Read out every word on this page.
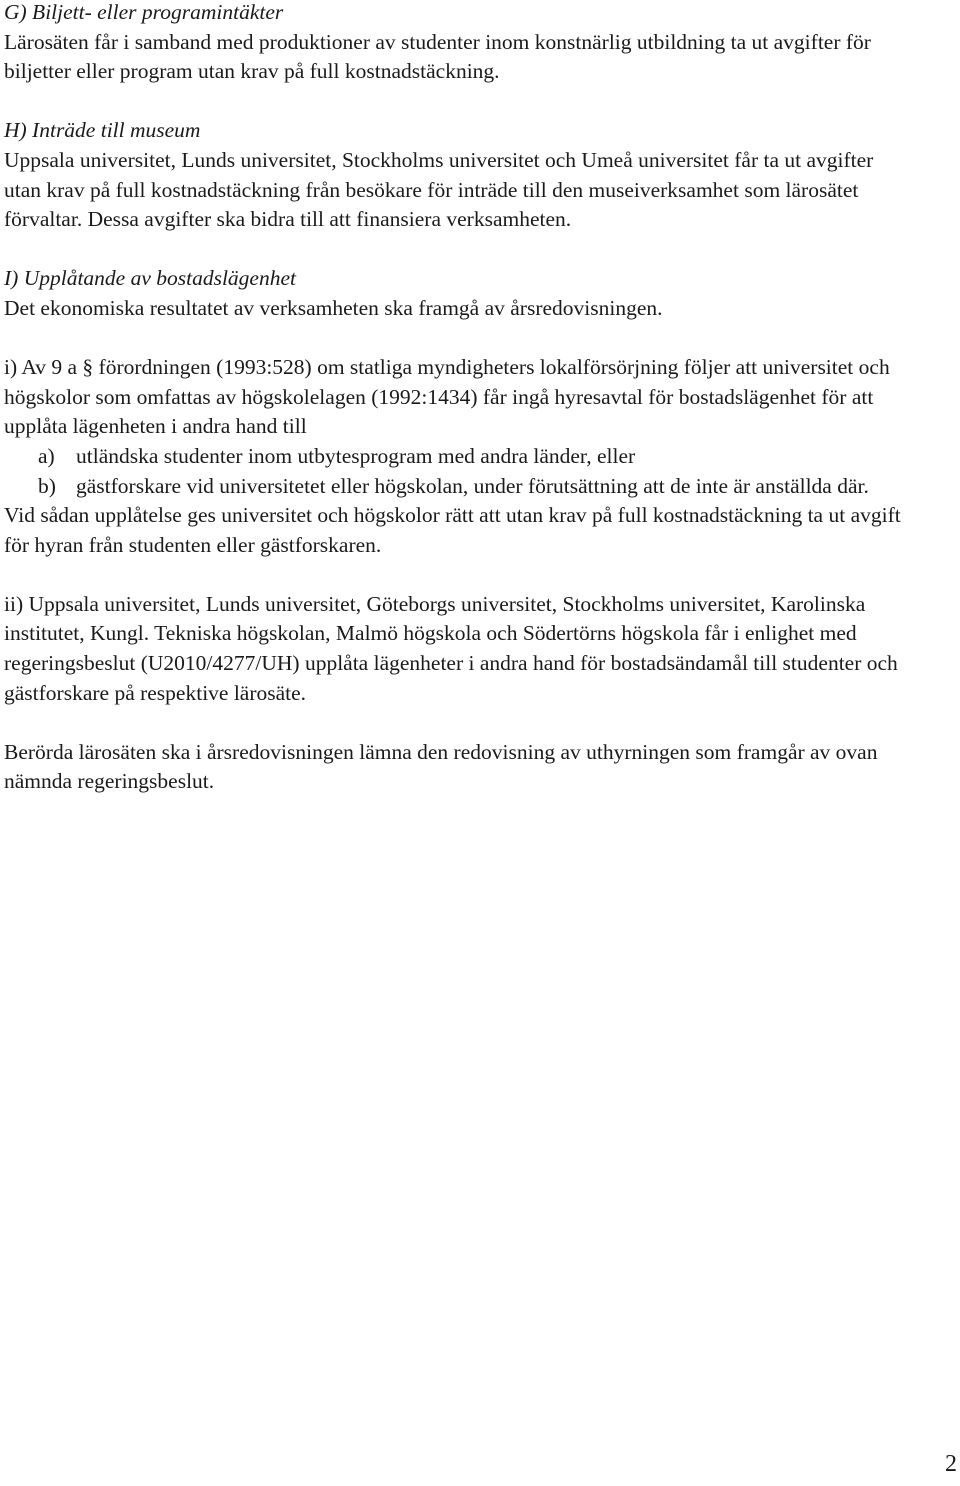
G) Biljett- eller programintäkter

Lärosäten får i samband med produktioner av studenter inom konstnärlig utbildning ta ut avgifter för biljetter eller program utan krav på full kostnadstäckning.

H) Inträde till museum

Uppsala universitet, Lunds universitet, Stockholms universitet och Umeå universitet får ta ut avgifter utan krav på full kostnadstäckning från besökare för inträde till den museiverksamhet som lärosätet förvaltar. Dessa avgifter ska bidra till att finansiera verksamheten.

I) Upplåtande av bostadslägenhet

Det ekonomiska resultatet av verksamheten ska framgå av årsredovisningen.

i) Av 9 a § förordningen (1993:528) om statliga myndigheters lokalförsörjning följer att universitet och högskolor som omfattas av högskolelagen (1992:1434) får ingå hyresavtal för bostadslägenhet för att upplåta lägenheten i andra hand till

a) utländska studenter inom utbytesprogram med andra länder, eller
b) gästforskare vid universitetet eller högskolan, under förutsättning att de inte är anställda där.

Vid sådan upplåtelse ges universitet och högskolor rätt att utan krav på full kostnadstäckning ta ut avgift för hyran från studenten eller gästforskaren.

ii) Uppsala universitet, Lunds universitet, Göteborgs universitet, Stockholms universitet, Karolinska institutet, Kungl. Tekniska högskolan, Malmö högskola och Södertörns högskola får i enlighet med regeringsbeslut (U2010/4277/UH) upplåta lägenheter i andra hand för bostadsändamål till studenter och gästforskare på respektive lärosäte.

Berörda lärosäten ska i årsredovisningen lämna den redovisning av uthyrningen som framgår av ovan nämnda regeringsbeslut.

2
